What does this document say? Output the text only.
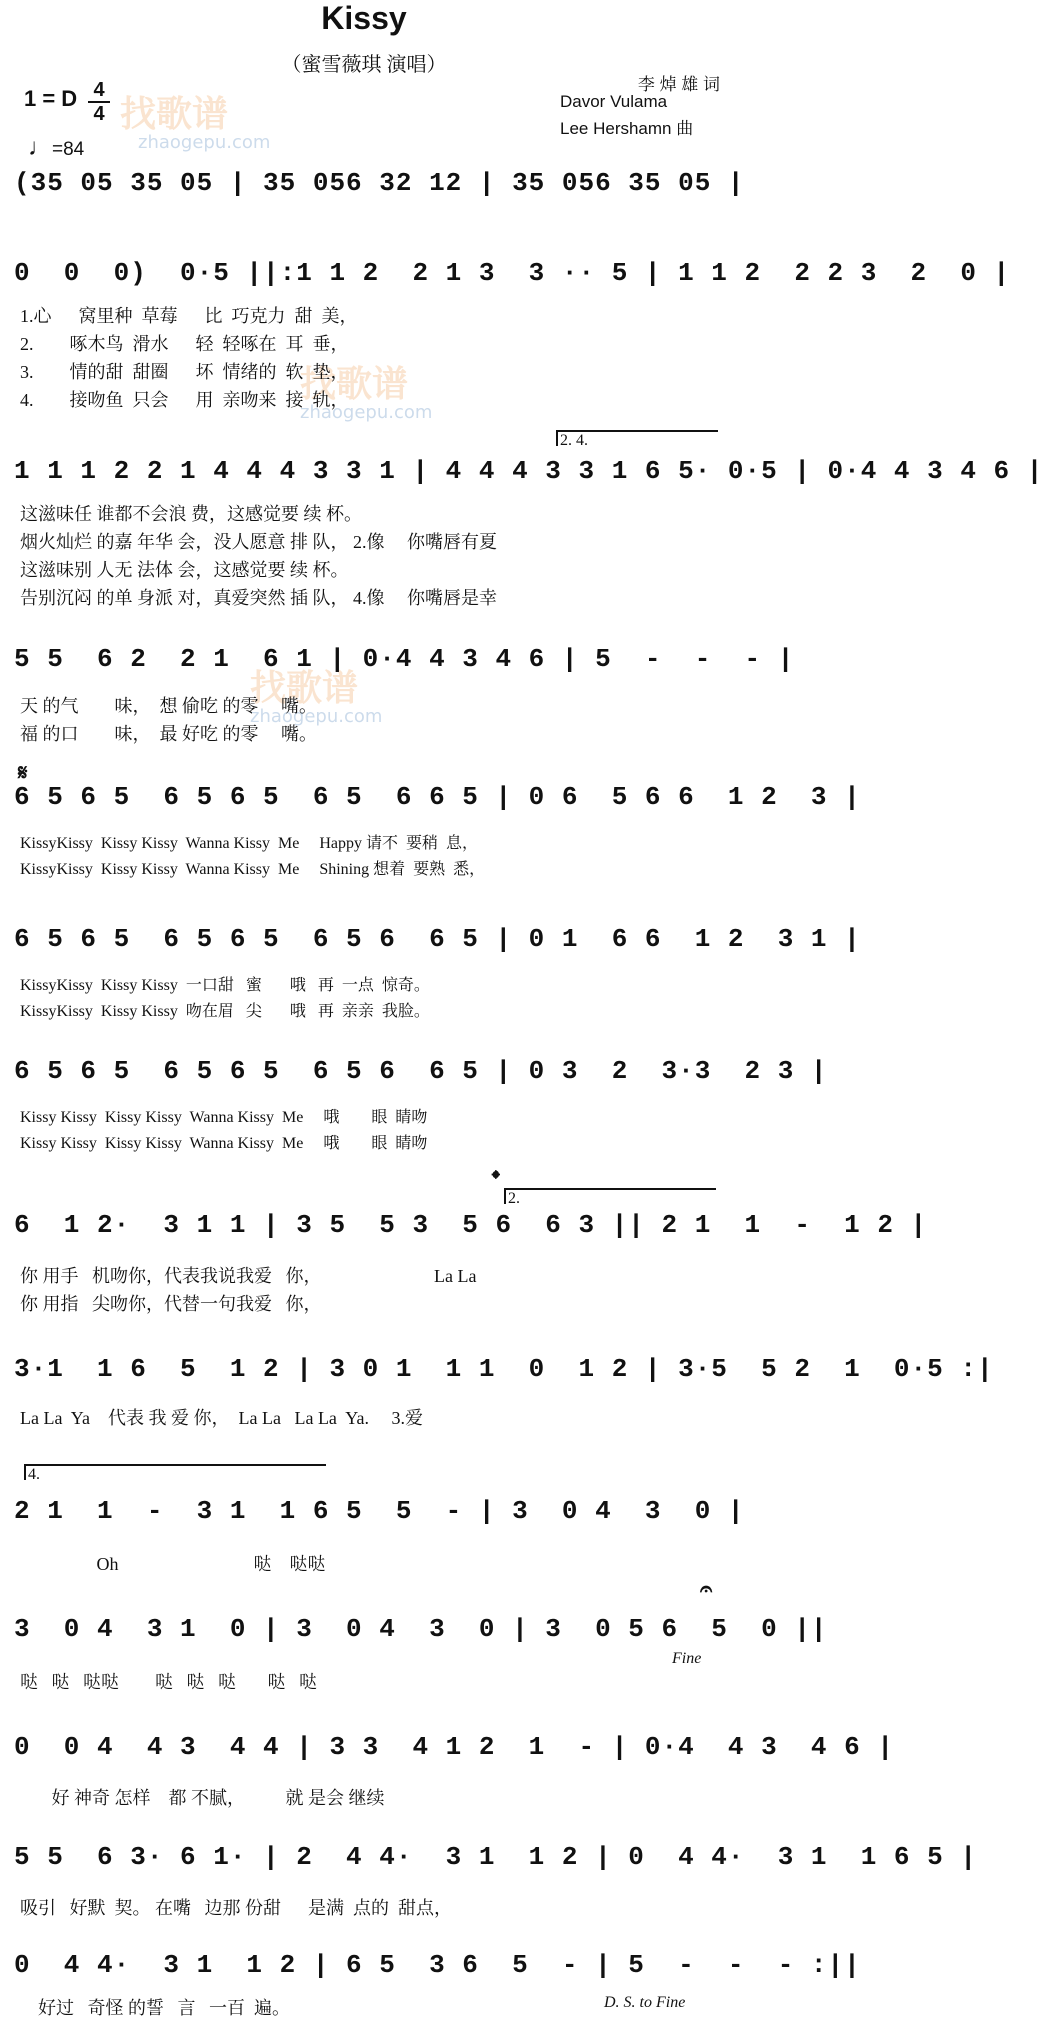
Kissy
（蜜雪薇琪 演唱）
1 = D 4
4
♩=84
李 焯 雄 词
Davor Vulama
Lee Hershamn 曲
找歌谱
zhaogepu.com
找歌谱
zhaogepu.com
找歌谱
zhaogepu.com
(35 05 35 05 | 35 056 32 12 | 35 056 35 05 |
0  0  0)  0·5 ||:1 1 2  2 1 3  3 ·· 5 | 1 1 2  2 2 3  2  0 |
1.心      窝里种  草莓      比  巧克力  甜  美，
2.        啄木鸟  滑水      轻  轻啄在  耳  垂，
3.        情的甜  甜圈      坏  情绪的  软  垫，
4.        接吻鱼  只会      用  亲吻来  接  轨，
2. 4.
1 1 1 2 2 1 4 4 4 3 3 1 | 4 4 4 3 3 1 6 5· 0·5 | 0·4 4 3 4 6 |
这滋味任 谁都不会浪 费，这感觉要 续 杯。
烟火灿烂 的嘉 年华 会，没人愿意 排 队， 2.像     你嘴唇有夏
这滋味别 人无 法体 会，这感觉要 续 杯。
告别沉闷 的单 身派 对，真爱突然 插 队， 4.像     你嘴唇是幸
5 5  6 2  2 1  6 1 | 0·4 4 3 4 6 | 5  -  -  - |
天 的气        味，  想 偷吃 的零     嘴。
福 的口        味，  最 好吃 的零     嘴。
𝄋
6 5 6 5  6 5 6 5  6 5  6 6 5 | 0 6  5 6 6  1 2  3 |
KissyKissy  Kissy Kissy  Wanna Kissy  Me     Happy 请不  要稍  息，
KissyKissy  Kissy Kissy  Wanna Kissy  Me     Shining 想着  要熟  悉，
6 5 6 5  6 5 6 5  6 5 6  6 5 | 0 1  6 6  1 2  3 1 |
KissyKissy  Kissy Kissy  一口甜   蜜       哦   再  一点  惊奇。
KissyKissy  Kissy Kissy  吻在眉   尖       哦   再  亲亲  我脸。
6 5 6 5  6 5 6 5  6 5 6  6 5 | 0 3  2  3·3  2 3 |
Kissy Kissy  Kissy Kissy  Wanna Kissy  Me     哦        眼  睛吻
Kissy Kissy  Kissy Kissy  Wanna Kissy  Me     哦        眼  睛吻
𝄌
2.
6  1 2·  3 1 1 | 3 5  5 3  5 6  6 3 || 2 1  1  -  1 2 |
你 用手   机吻你，代表我说我爱   你，                         La La
你 用指   尖吻你，代替一句我爱   你，
3·1  1 6  5  1 2 | 3 0 1  1 1  0  1 2 | 3·5  5 2  1  0·5 :|
La La  Ya    代表 我 爱 你，  La La   La La  Ya.     3.爱
4.
2 1  1  -  3 1  1 6 5  5  - | 3  0 4  3  0 |
Oh                              哒    哒哒
𝄐
3  0 4  3 1  0 | 3  0 4  3  0 | 3  0 5 6  5  0 ||
Fine
哒   哒   哒哒        哒   哒   哒       哒   哒
0  0 4  4 3  4 4 | 3 3  4 1 2  1  - | 0·4  4 3  4 6 |
好 神奇 怎样    都 不腻，         就 是会 继续
5 5  6 3· 6 1· | 2  4 4·  3 1  1 2 | 0  4 4·  3 1  1 6 5 |
吸引   好默  契。 在嘴   边那 份甜      是满  点的  甜点，
0  4 4·  3 1  1 2 | 6 5  3 6  5  - | 5  -  -  - :||
好过   奇怪 的誓   言   一百  遍。	D. S. to Fine
